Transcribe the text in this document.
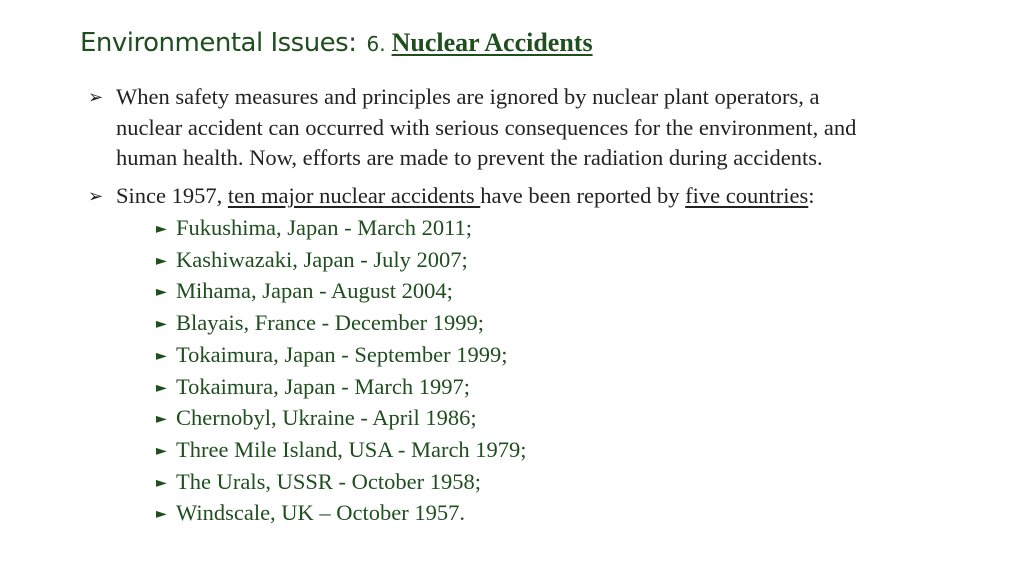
Environmental Issues: 6. Nuclear Accidents
➢ When safety measures and principles are ignored by nuclear plant operators, a
nuclear accident can occurred with serious consequences for the environment, and
human health. Now, efforts are made to prevent the radiation during accidents.
➢ Since 1957, ten major nuclear accidents have been reported by five countries:
► Fukushima, Japan - March 2011;
► Kashiwazaki, Japan - July 2007;
► Mihama, Japan - August 2004;
► Blayais, France - December 1999;
► Tokaimura, Japan - September 1999;
► Tokaimura, Japan - March 1997;
► Chernobyl, Ukraine - April 1986;
► Three Mile Island, USA - March 1979;
► The Urals, USSR - October 1958;
► Windscale, UK – October 1957.
